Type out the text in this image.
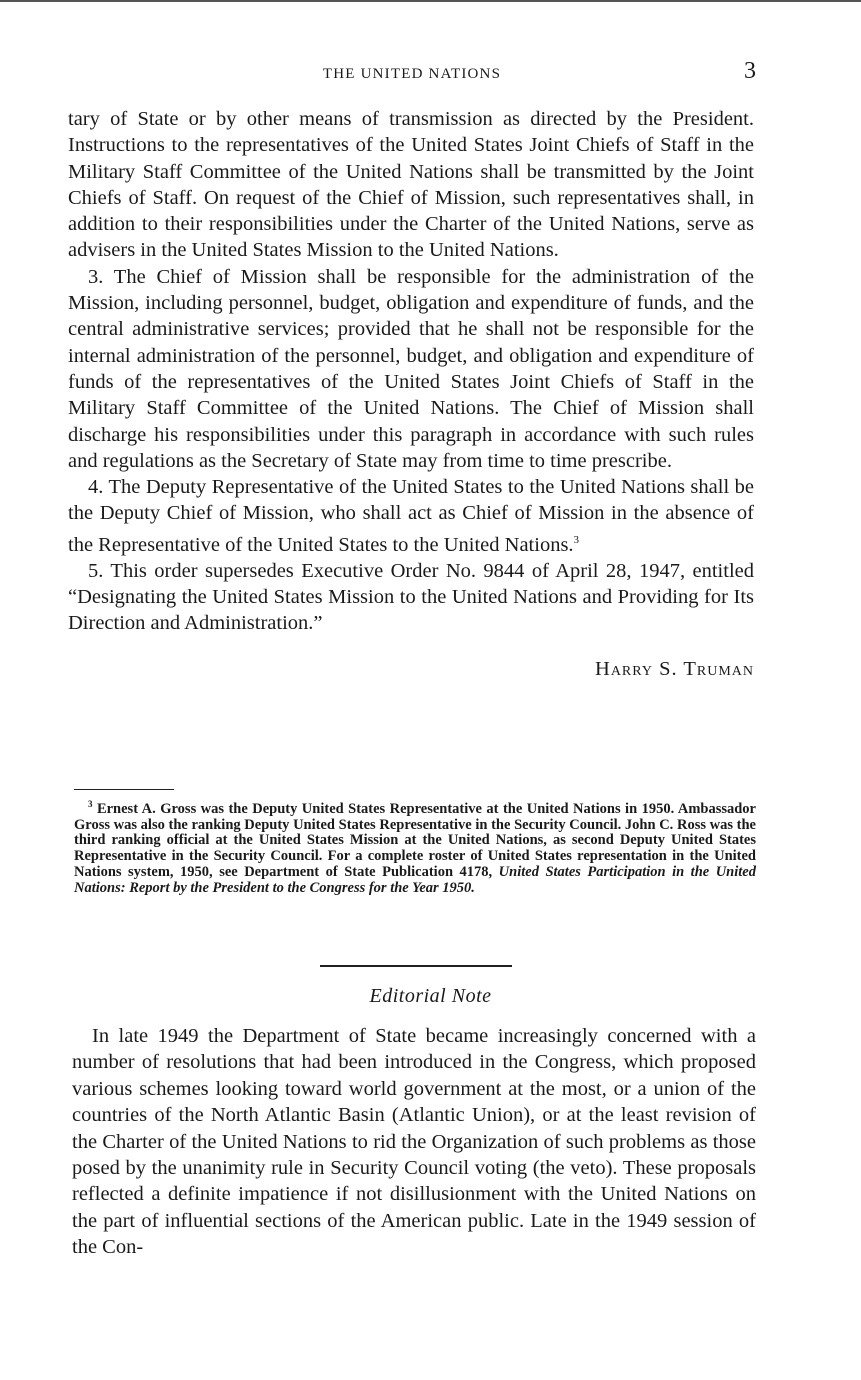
THE UNITED NATIONS	3

tary of State or by other means of transmission as directed by the President. Instructions to the representatives of the United States Joint Chiefs of Staff in the Military Staff Committee of the United Nations shall be transmitted by the Joint Chiefs of Staff. On request of the Chief of Mission, such representatives shall, in addition to their responsibilities under the Charter of the United Nations, serve as advisers in the United States Mission to the United Nations.

3. The Chief of Mission shall be responsible for the administration of the Mission, including personnel, budget, obligation and expenditure of funds, and the central administrative services; provided that he shall not be responsible for the internal administration of the personnel, budget, and obligation and expenditure of funds of the representatives of the United States Joint Chiefs of Staff in the Military Staff Committee of the United Nations. The Chief of Mission shall discharge his responsibilities under this paragraph in accordance with such rules and regulations as the Secretary of State may from time to time prescribe.

4. The Deputy Representative of the United States to the United Nations shall be the Deputy Chief of Mission, who shall act as Chief of Mission in the absence of the Representative of the United States to the United Nations.$^3$

5. This order supersedes Executive Order No. 9844 of April 28, 1947, entitled “Designating the United States Mission to the United Nations and Providing for Its Direction and Administration.”

Harry S. Truman

$^3$ Ernest A. Gross was the Deputy United States Representative at the United Nations in 1950. Ambassador Gross was also the ranking Deputy United States Representative in the Security Council. John C. Ross was the third ranking official at the United States Mission at the United Nations, as second Deputy United States Representative in the Security Council. For a complete roster of United States representation in the United Nations system, 1950, see Department of State Publication 4178, United States Participation in the United Nations: Report by the President to the Congress for the Year 1950.

Editorial Note

In late 1949 the Department of State became increasingly concerned with a number of resolutions that had been introduced in the Congress, which proposed various schemes looking toward world government at the most, or a union of the countries of the North Atlantic Basin (Atlantic Union), or at the least revision of the Charter of the United Nations to rid the Organization of such problems as those posed by the unanimity rule in Security Council voting (the veto). These proposals reflected a definite impatience if not disillusionment with the United Nations on the part of influential sections of the American public. Late in the 1949 session of the Con-
